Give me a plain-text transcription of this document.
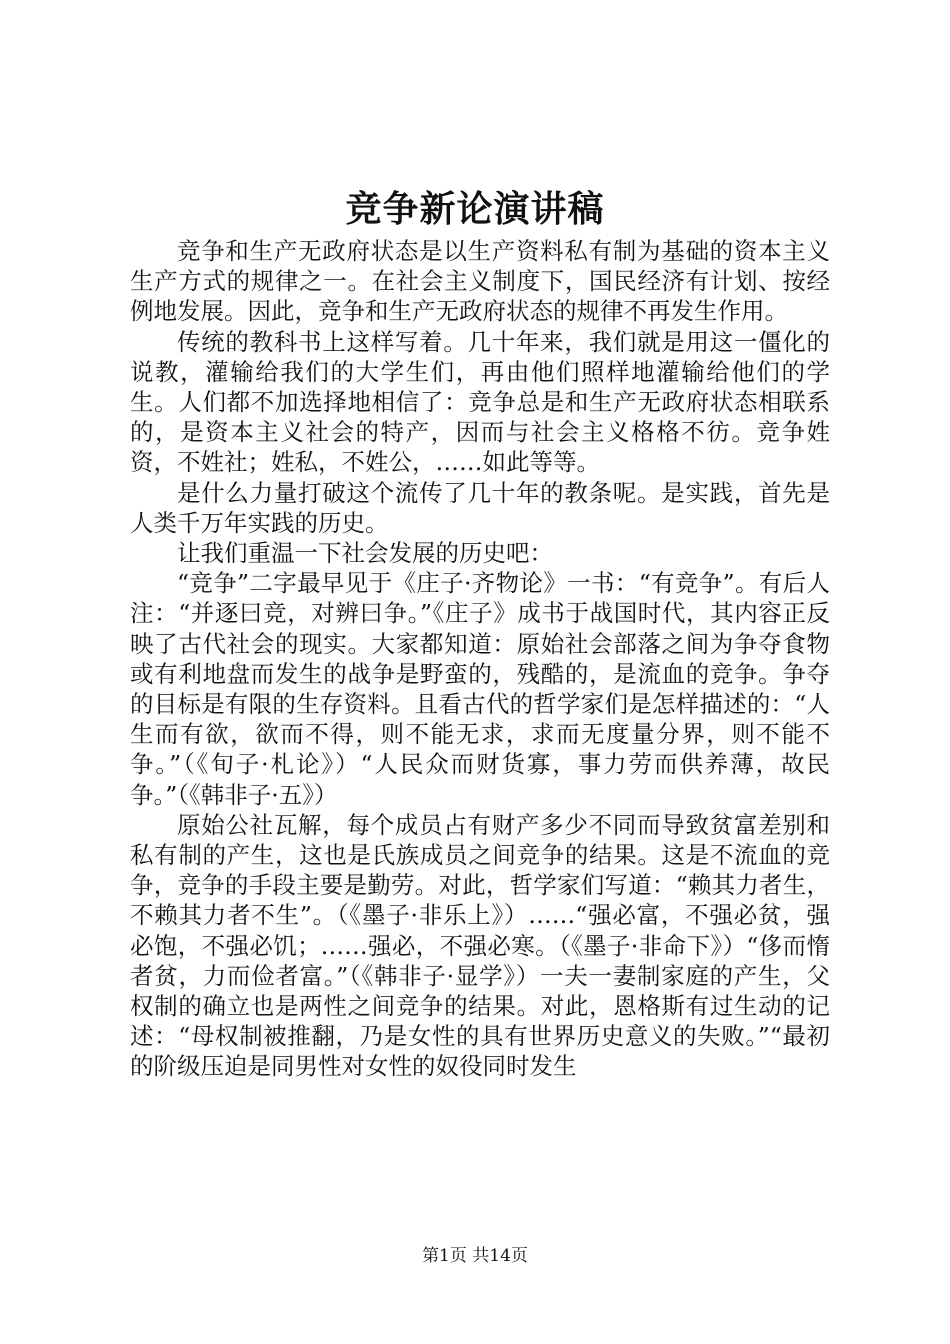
竞争新论演讲稿

竞争和生产无政府状态是以生产资料私有制为基础的资本主义生产方式的规律之一。在社会主义制度下，国民经济有计划、按经例地发展。因此，竞争和生产无政府状态的规律不再发生作用。

传统的教科书上这样写着。几十年来，我们就是用这一僵化的说教，灌输给我们的大学生们，再由他们照样地灌输给他们的学生。人们都不加选择地相信了：竞争总是和生产无政府状态相联系的，是资本主义社会的特产，因而与社会主义格格不彷。竞争姓资，不姓社；姓私，不姓公，……如此等等。

是什么力量打破这个流传了几十年的教条呢。是实践，首先是人类千万年实践的历史。

让我们重温一下社会发展的历史吧：

“竞争”二字最早见于《庄子·齐物论》一书：“有竞争”。有后人注：“并逐曰竞，对辨曰争。”《庄子》成书于战国时代，其内容正反映了古代社会的现实。大家都知道：原始社会部落之间为争夺食物或有利地盘而发生的战争是野蛮的，残酷的，是流血的竞争。争夺的目标是有限的生存资料。且看古代的哲学家们是怎样描述的：“人生而有欲，欲而不得，则不能无求，求而无度量分界，则不能不争。”（《旬子·札论》）“人民众而财货寡，事力劳而供养薄，故民争。”（《韩非子·五》）

原始公社瓦解，每个成员占有财产多少不同而导致贫富差别和私有制的产生，这也是氏族成员之间竞争的结果。这是不流血的竞争，竞争的手段主要是勤劳。对此，哲学家们写道：“赖其力者生，不赖其力者不生”。（《墨子·非乐上》）……“强必富，不强必贫，强必饱，不强必饥；……强必，不强必寒。（《墨子·非命下》）“侈而惰者贫，力而俭者富。”（《韩非子·显学》）一夫一妻制家庭的产生，父权制的确立也是两性之间竞争的结果。对此，恩格斯有过生动的记述：“母权制被推翻，乃是女性的具有世界历史意义的失败。”“最初的阶级压迫是同男性对女性的奴役同时发生

第1页 共14页
